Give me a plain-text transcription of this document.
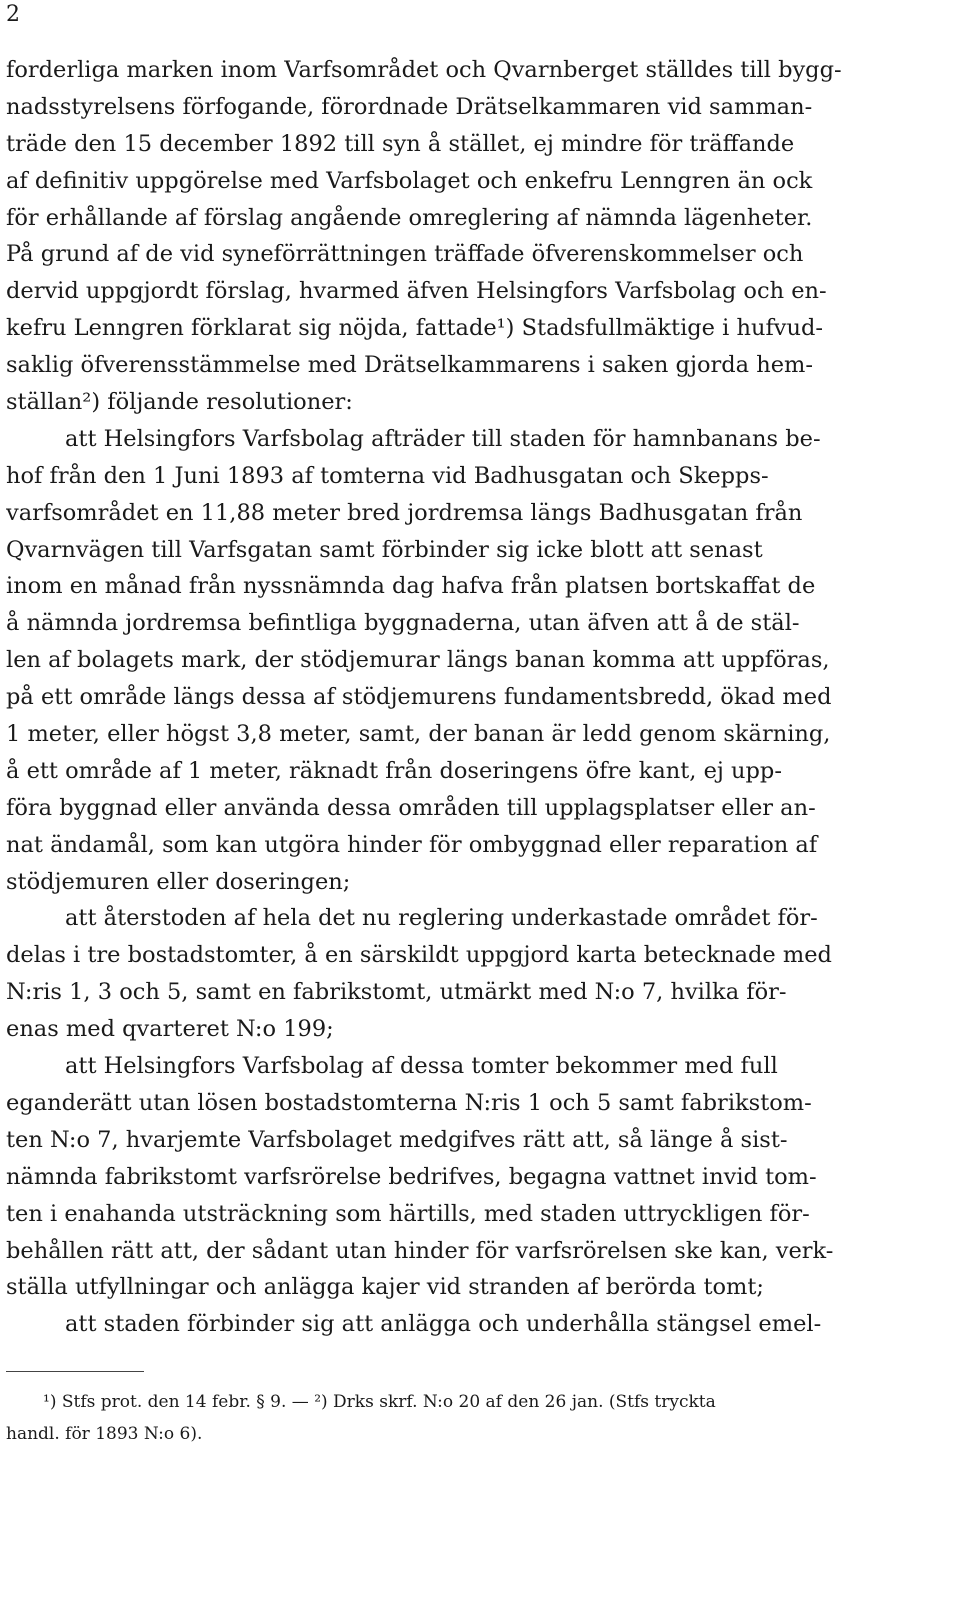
2
forderliga marken inom Varfsområdet och Qvarnberget ställdes till bygg-
nadsstyrelsens förfogande, förordnade Drätselkammaren vid samman-
träde den 15 december 1892 till syn å stället, ej mindre för träffande
af definitiv uppgörelse med Varfsbolaget och enkefru Lenngren än ock
för erhållande af förslag angående omreglering af nämnda lägenheter.
På grund af de vid syneförrättningen träffade öfverenskommelser och
dervid uppgjordt förslag, hvarmed äfven Helsingfors Varfsbolag och en-
kefru Lenngren förklarat sig nöjda, fattade¹) Stadsfullmäktige i hufvud-
saklig öfverensstämmelse med Drätselkammarens i saken gjorda hem-
ställan²) följande resolutioner:
att Helsingfors Varfsbolag afträder till staden för hamnbanans be-
hof från den 1 Juni 1893 af tomterna vid Badhusgatan och Skepps-
varfsområdet en 11,88 meter bred jordremsa längs Badhusgatan från
Qvarnvägen till Varfsgatan samt förbinder sig icke blott att senast
inom en månad från nyssnämnda dag hafva från platsen bortskaffat de
å nämnda jordremsa befintliga byggnaderna, utan äfven att å de stäl-
len af bolagets mark, der stödjemurar längs banan komma att uppföras,
på ett område längs dessa af stödjemurens fundamentsbredd, ökad med
1 meter, eller högst 3,8 meter, samt, der banan är ledd genom skärning,
å ett område af 1 meter, räknadt från doseringens öfre kant, ej upp-
föra byggnad eller använda dessa områden till upplagsplatser eller an-
nat ändamål, som kan utgöra hinder för ombyggnad eller reparation af
stödjemuren eller doseringen;
att återstoden af hela det nu reglering underkastade området för-
delas i tre bostadstomter, å en särskildt uppgjord karta betecknade med
N:ris 1, 3 och 5, samt en fabrikstomt, utmärkt med N:o 7, hvilka för-
enas med qvarteret N:o 199;
att Helsingfors Varfsbolag af dessa tomter bekommer med full
eganderätt utan lösen bostadstomterna N:ris 1 och 5 samt fabrikstom-
ten N:o 7, hvarjemte Varfsbolaget medgifves rätt att, så länge å sist-
nämnda fabrikstomt varfsrörelse bedrifves, begagna vattnet invid tom-
ten i enahanda utsträckning som härtills, med staden uttryckligen för-
behållen rätt att, der sådant utan hinder för varfsrörelsen ske kan, verk-
ställa utfyllningar och anlägga kajer vid stranden af berörda tomt;
att staden förbinder sig att anlägga och underhålla stängsel emel-
¹) Stfs prot. den 14 febr. § 9. — ²) Drks skrf. N:o 20 af den 26 jan. (Stfs tryckta
handl. för 1893 N:o 6).
